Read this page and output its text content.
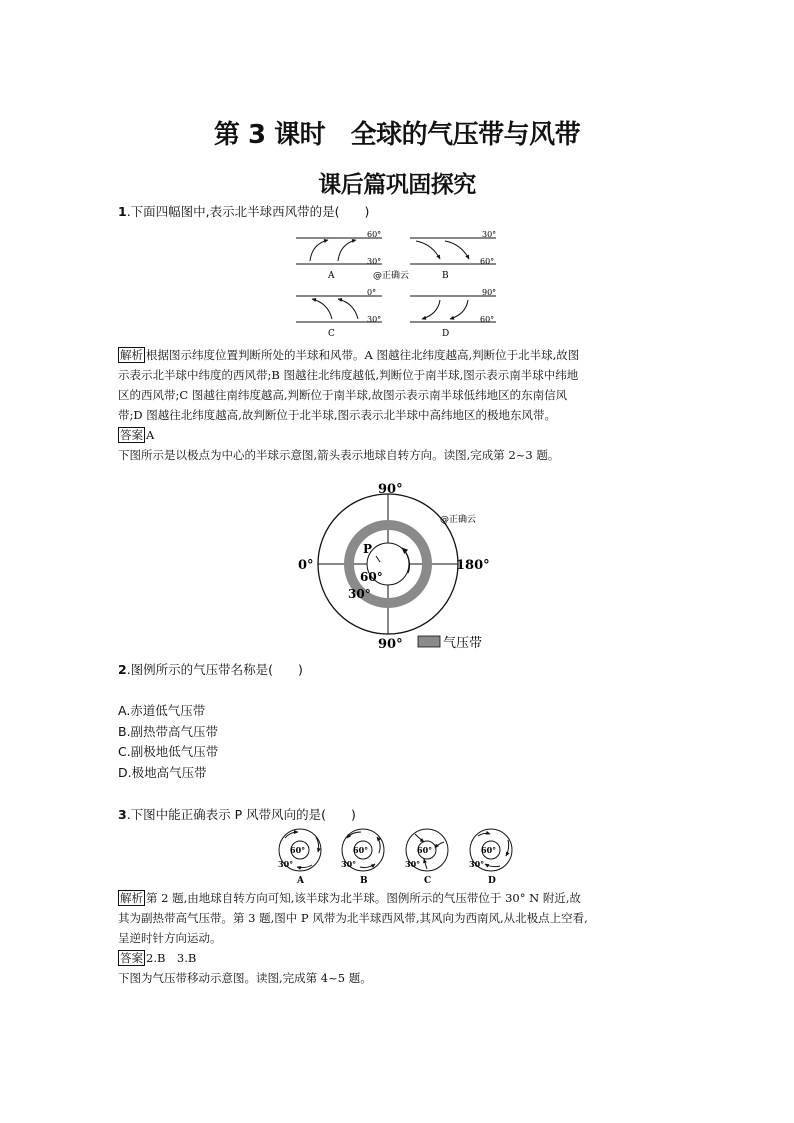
第 3 课时　全球的气压带与风带
课后篇巩固探究
1.下面四幅图中,表示北半球西风带的是(　　)
60°
30°
A
30°
60°
B
0°
30°
C
90°
60°
D
@正确云
解析 根据图示纬度位置判断所处的半球和风带。A 图越往北纬度越高,判断位于北半球,故图
示表示北半球中纬度的西风带;B 图越往北纬度越低,判断位于南半球,图示表示南半球中纬地
区的西风带;C 图越往南纬度越高,判断位于南半球,故图示表示南半球低纬地区的东南信风
带;D 图越往北纬度越高,故判断位于北半球,图示表示北半球中高纬地区的极地东风带。
答案 A
下图所示是以极点为中心的半球示意图,箭头表示地球自转方向。读图,完成第 2~3 题。
90°
90°
0°	180°
60°
30°
P
@正确云
气压带
2.图例所示的气压带名称是(　　)
A.赤道低气压带
B.副热带高气压带
C.副极地低气压带
D.极地高气压带
3.下图中能正确表示 P 风带风向的是(　　)
60°
30°
A
60°
30°
B
60°
30°
C
60°
30°
D
解析 第 2 题,由地球自转方向可知,该半球为北半球。图例所示的气压带位于 30° N 附近,故
其为副热带高气压带。第 3 题,图中 P 风带为北半球西风带,其风向为西南风,从北极点上空看,
呈逆时针方向运动。
答案 2.B　3.B
下图为气压带移动示意图。读图,完成第 4~5 题。
